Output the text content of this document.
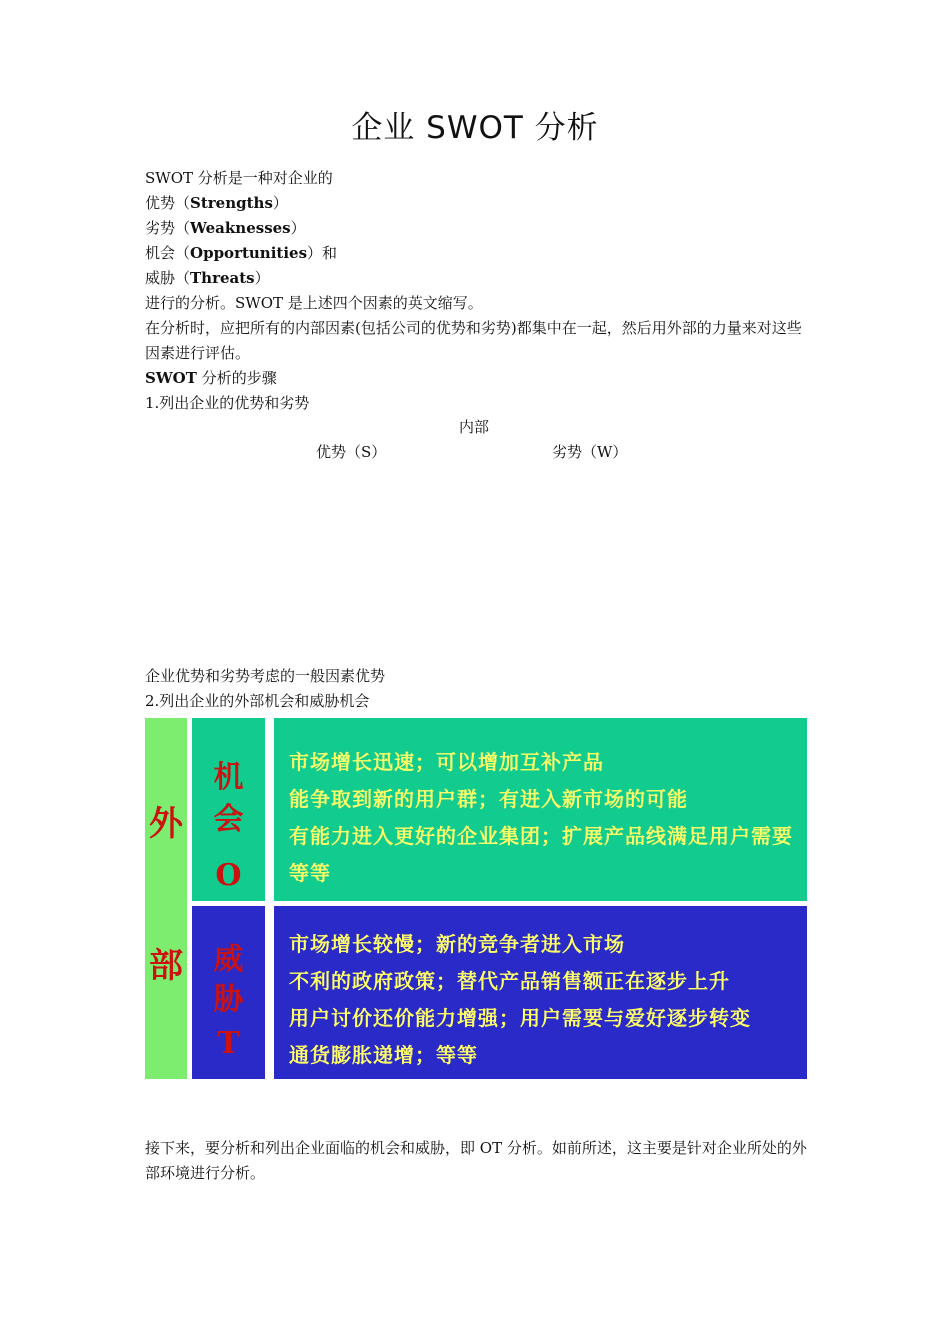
企业 SWOT 分析

SWOT 分析是一种对企业的

优势（Strengths）

劣势（Weaknesses）

机会（Opportunities）和

威胁（Threats）

进行的分析。SWOT 是上述四个因素的英文缩写。

在分析时，应把所有的内部因素(包括公司的优势和劣势)都集中在一起，然后用外部的力量来对这些因素进行评估。

SWOT 分析的步骤

1.列出企业的优势和劣势

内部
优势（S）	劣势（W）

企业优势和劣势考虑的一般因素优势

2.列出企业的外部机会和威胁机会

外
部
机
会
O
威
胁
T
市场增长迅速；可以增加互补产品
能争取到新的用户群；有进入新市场的可能
有能力进入更好的企业集团；扩展产品线满足用户需要
等等
市场增长较慢；新的竞争者进入市场
不利的政府政策；替代产品销售额正在逐步上升
用户讨价还价能力增强；用户需要与爱好逐步转变
通货膨胀递增；等等

接下来，要分析和列出企业面临的机会和威胁，即 OT 分析。如前所述，这主要是针对企业所处的外部环境进行分析。
